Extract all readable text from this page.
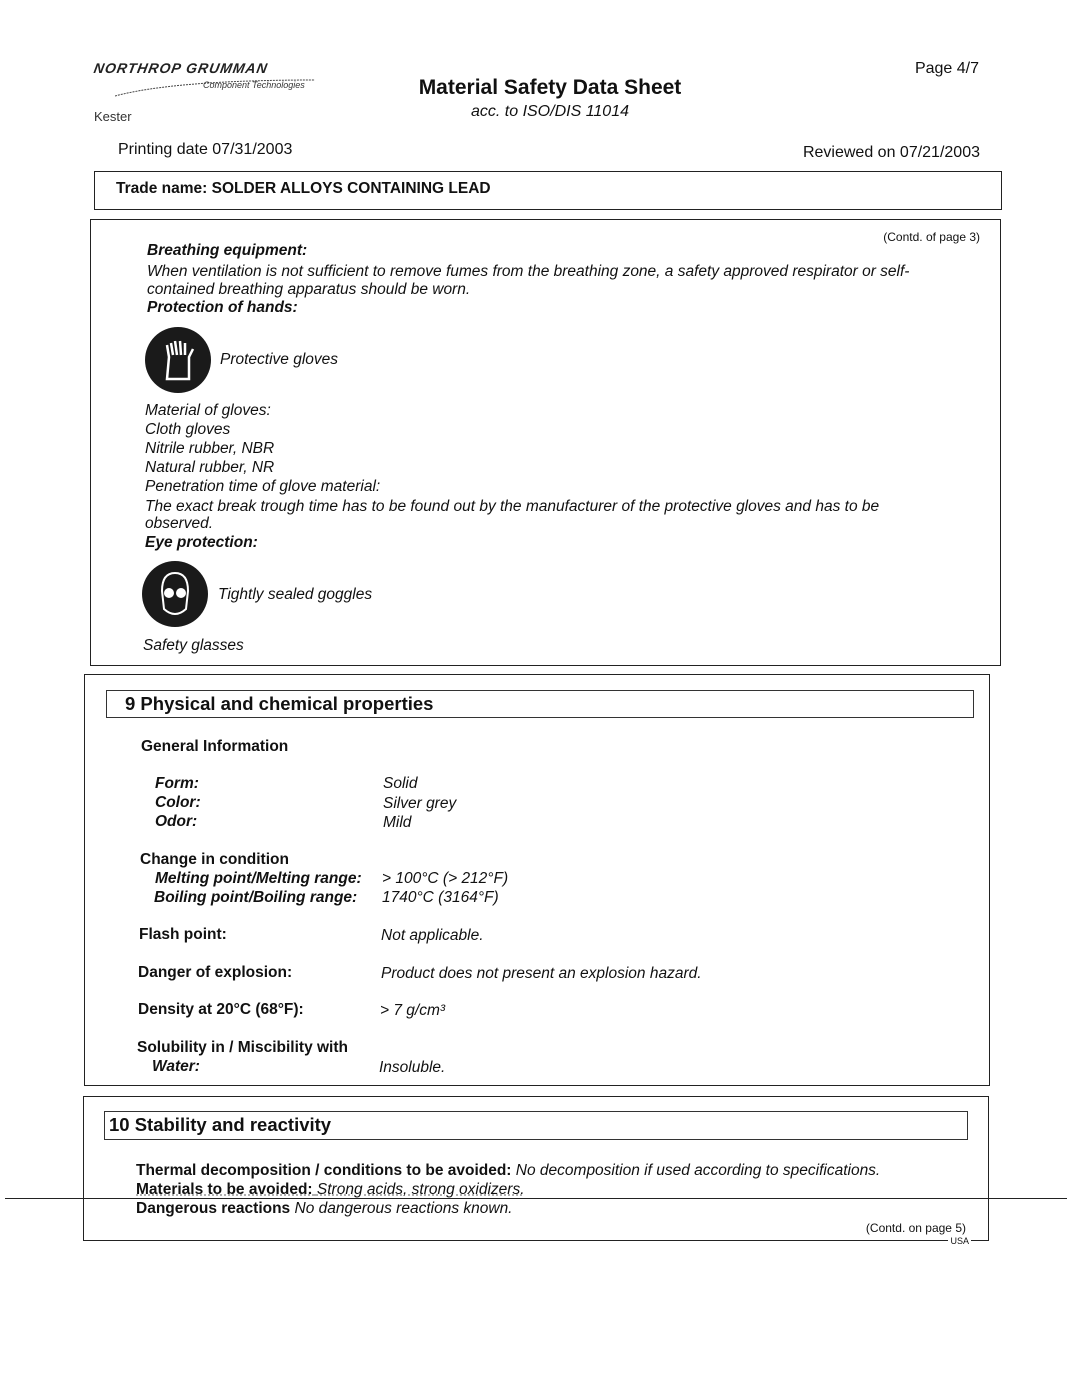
NORTHROP GRUMMAN
Component Technologies
Kester
Page 4/7
Material Safety Data Sheet
acc. to ISO/DIS 11014
Printing date 07/31/2003	Reviewed on 07/21/2003
Trade name: SOLDER ALLOYS CONTAINING LEAD
(Contd. of page 3)
Breathing equipment:
When ventilation is not sufficient to remove fumes from the breathing zone, a safety approved respirator or self-
contained breathing apparatus should be worn.
Protection of hands:
Protective gloves
Material of gloves:
Cloth gloves
Nitrile rubber, NBR
Natural rubber, NR
Penetration time of glove material:
The exact break trough time has to be found out by the manufacturer of the protective gloves and has to be
observed.
Eye protection:
Tightly sealed goggles
Safety glasses
9 Physical and chemical properties
General Information
Form:	Solid
Color:	Silver grey
Odor:	Mild
Change in condition
Melting point/Melting range: > 100°C (> 212°F)
Boiling point/Boiling range: 1740°C (3164°F)
Flash point:	Not applicable.
Danger of explosion:	Product does not present an explosion hazard.
Density at 20°C (68°F):	> 7 g/cm³
Solubility in / Miscibility with
Water:	Insoluble.
10 Stability and reactivity
Thermal decomposition / conditions to be avoided: No decomposition if used according to specifications.
Materials to be avoided: Strong acids, strong oxidizers.
Dangerous reactions No dangerous reactions known.
(Contd. on page 5)
USA
